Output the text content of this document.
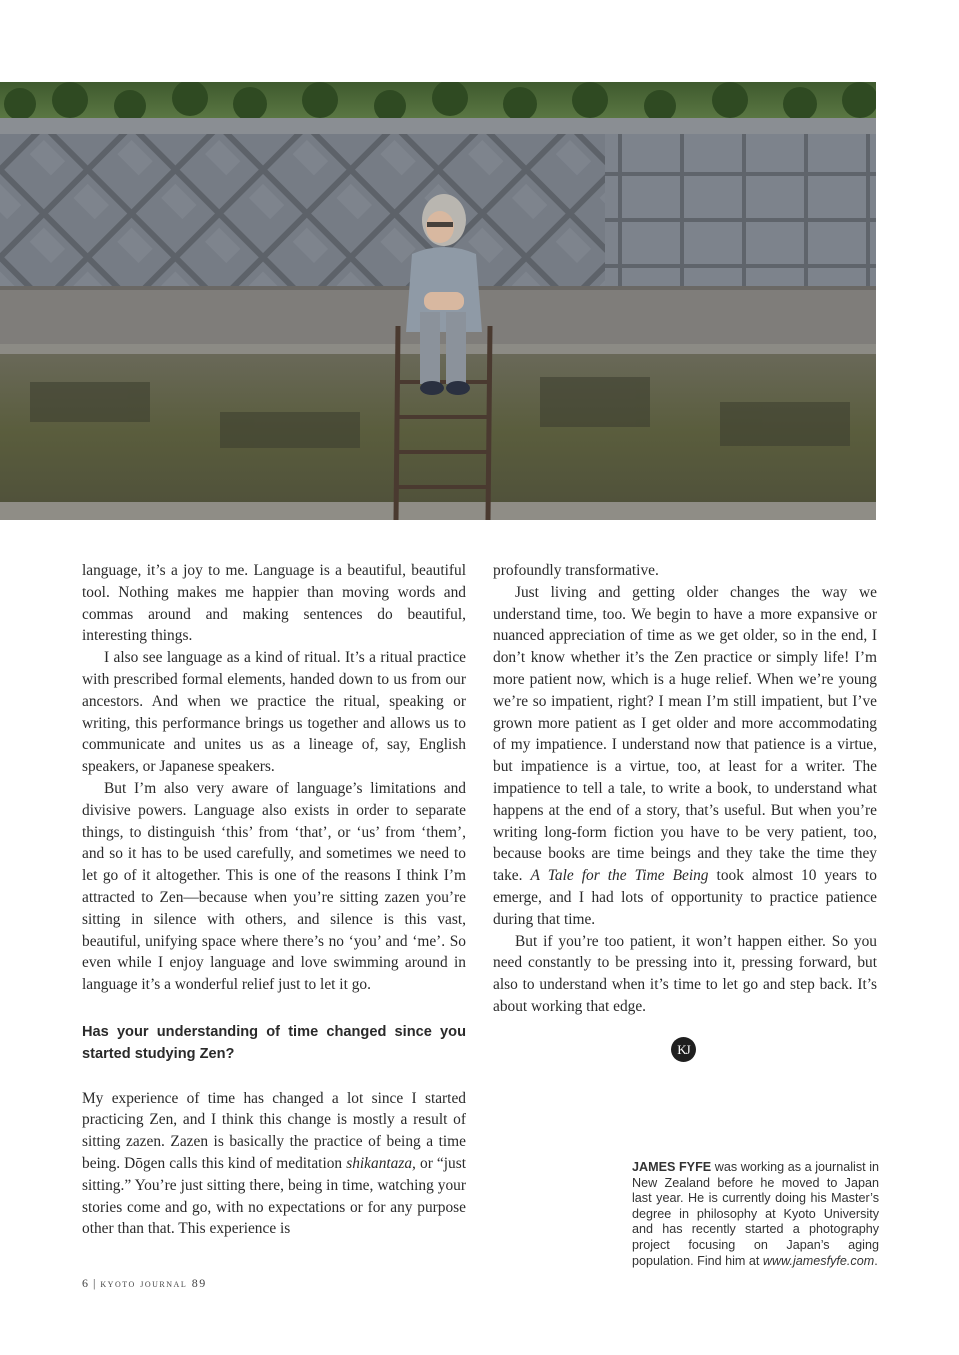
language, it’s a joy to me. Language is a beautiful, beautiful tool. Nothing makes me happier than moving words and commas around and making sentences do beautiful, interesting things.

I also see language as a kind of ritual. It’s a ritual practice with prescribed formal elements, handed down to us from our ancestors. And when we practice the ritual, speaking or writing, this performance brings us together and allows us to communicate and unites us as a lineage of, say, English speakers, or Japanese speakers.

But I’m also very aware of language’s limitations and divisive powers. Language also exists in order to separate things, to distinguish ‘this’ from ‘that’, or ‘us’ from ‘them’, and so it has to be used carefully, and sometimes we need to let go of it altogether. This is one of the reasons I think I’m attracted to Zen—because when you’re sitting zazen you’re sitting in silence with others, and silence is this vast, beautiful, unifying space where there’s no ‘you’ and ‘me’. So even while I enjoy language and love swimming around in language it’s a wonderful relief just to let it go.

Has your understanding of time changed since you started studying Zen?

My experience of time has changed a lot since I started practicing Zen, and I think this change is mostly a result of sitting zazen. Zazen is basically the practice of being a time being. Dōgen calls this kind of meditation shikantaza, or “just sitting.” You’re just sitting there, being in time, watching your stories come and go, with no expectations or for any purpose other than that. This experience is

profoundly transformative.

Just living and getting older changes the way we understand time, too. We begin to have a more expansive or nuanced appreciation of time as we get older, so in the end, I don’t know whether it’s the Zen practice or simply life! I’m more patient now, which is a huge relief. When we’re young we’re so impatient, right? I mean I’m still impatient, but I’ve grown more patient as I get older and more accommodating of my impatience. I understand now that patience is a virtue, but impatience is a virtue, too, at least for a writer. The impatience to tell a tale, to write a book, to understand what happens at the end of a story, that’s useful. But when you’re writing long-form fiction you have to be very patient, too, because books are time beings and they take the time they take. A Tale for the Time Being took almost 10 years to emerge, and I had lots of opportunity to practice patience during that time.

But if you’re too patient, it won’t happen either. So you need constantly to be pressing into it, pressing forward, but also to understand when it’s time to let go and step back. It’s about working that edge.

KJ
JAMES FYFE was working as a journalist in New Zealand before he moved to Japan last year. He is currently doing his Master’s degree in philosophy at Kyoto University and has recently started a photography project focusing on Japan’s aging population. Find him at www.jamesfyfe.com.
6 | kyoto journal 89
